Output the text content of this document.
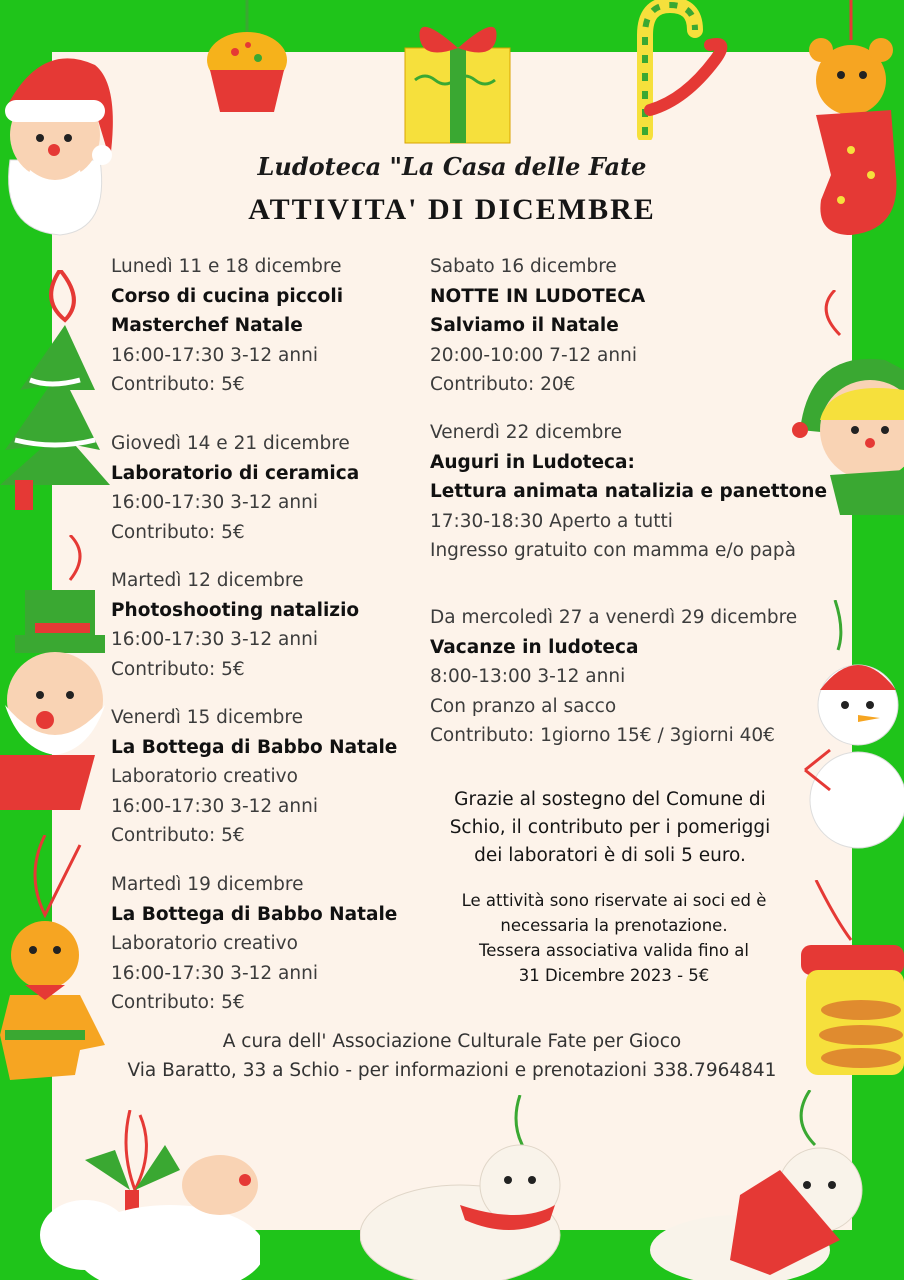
Ludoteca "La Casa delle Fate
ATTIVITA' DI DICEMBRE
Lunedì 11 e 18 dicembre
Corso di cucina piccoli
Masterchef Natale
16:00-17:30 3-12 anni
Contributo: 5€
Giovedì 14 e 21 dicembre
Laboratorio di ceramica
16:00-17:30 3-12 anni
Contributo: 5€
Martedì 12 dicembre
Photoshooting natalizio
16:00-17:30 3-12 anni
Contributo: 5€
Venerdì 15 dicembre
La Bottega di Babbo Natale
Laboratorio creativo
16:00-17:30 3-12 anni
Contributo: 5€
Martedì 19 dicembre
La Bottega di Babbo Natale
Laboratorio creativo
16:00-17:30 3-12 anni
Contributo: 5€
Sabato 16 dicembre
NOTTE IN LUDOTECA
Salviamo il Natale
20:00-10:00 7-12 anni
Contributo: 20€
Venerdì 22 dicembre
Auguri in Ludoteca:
Lettura animata natalizia e panettone
17:30-18:30 Aperto a tutti
Ingresso gratuito con mamma e/o papà
Da mercoledì 27 a venerdì 29 dicembre
Vacanze in ludoteca
8:00-13:00 3-12 anni
Con pranzo al sacco
Contributo: 1giorno 15€ / 3giorni 40€
Grazie al sostegno del Comune di
Schio, il contributo per i pomeriggi
dei laboratori è di soli 5 euro.
Le attività sono riservate ai soci ed è
necessaria la prenotazione.
Tessera associativa valida fino al
31 Dicembre 2023 - 5€
A cura dell' Associazione Culturale Fate per Gioco
Via Baratto, 33 a Schio - per informazioni e prenotazioni 338.7964841
